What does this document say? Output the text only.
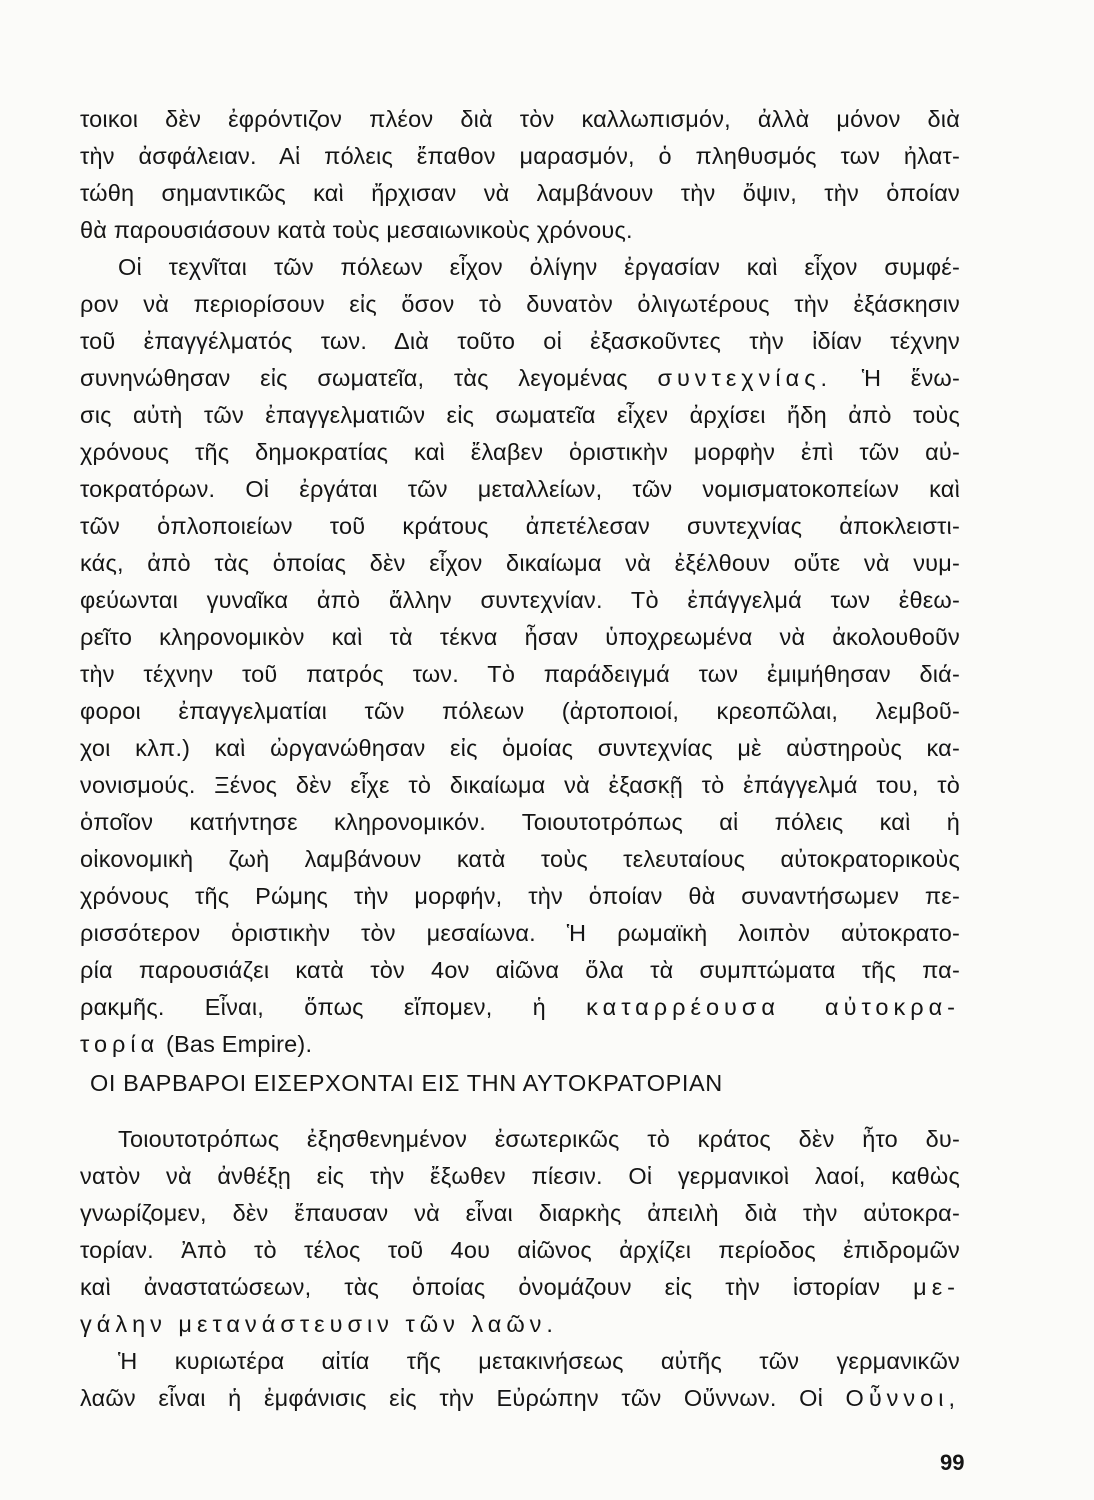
τοικοι δὲν ἐφρόντιζον πλέον διὰ τὸν καλλωπισμόν, ἀλλὰ μόνον διὰ
τὴν ἀσφάλειαν. Αἱ πόλεις ἔπαθον μαρασμόν, ὁ πληθυσμός των ἠλατ-
τώθη σημαντικῶς καὶ ἤρχισαν νὰ λαμβάνουν τὴν ὄψιν, τὴν ὁποίαν
θὰ παρουσιάσουν κατὰ τοὺς μεσαιωνικοὺς χρόνους.
Οἱ τεχνῖται τῶν πόλεων εἶχον ὀλίγην ἐργασίαν καὶ εἶχον συμφέ-
ρον νὰ περιορίσουν εἰς ὅσον τὸ δυνατὸν ὀλιγωτέρους τὴν ἐξάσκησιν
τοῦ ἐπαγγέλματός των. Διὰ τοῦτο οἱ ἐξασκοῦντες τὴν ἰδίαν τέχνην
συνηνώθησαν εἰς σωματεῖα, τὰς λεγομένας συντεχνίας. Ἡ ἕνω-
σις αὐτὴ τῶν ἐπαγγελματιῶν εἰς σωματεῖα εἶχεν ἀρχίσει ἤδη ἀπὸ τοὺς
χρόνους τῆς δημοκρατίας καὶ ἔλαβεν ὁριστικὴν μορφὴν ἐπὶ τῶν αὐ-
τοκρατόρων. Οἱ ἐργάται τῶν μεταλλείων, τῶν νομισματοκοπείων καὶ
τῶν ὁπλοποιείων τοῦ κράτους ἀπετέλεσαν συντεχνίας ἀποκλειστι-
κάς, ἀπὸ τὰς ὁποίας δὲν εἶχον δικαίωμα νὰ ἐξέλθουν οὔτε νὰ νυμ-
φεύωνται γυναῖκα ἀπὸ ἄλλην συντεχνίαν. Τὸ ἐπάγγελμά των ἐθεω-
ρεῖτο κληρονομικὸν καὶ τὰ τέκνα ἦσαν ὑποχρεωμένα νὰ ἀκολουθοῦν
τὴν τέχνην τοῦ πατρός των. Τὸ παράδειγμά των ἐμιμήθησαν διά-
φοροι ἐπαγγελματίαι τῶν πόλεων (ἀρτοποιοί, κρεοπῶλαι, λεμβοῦ-
χοι κλπ.) καὶ ὠργανώθησαν εἰς ὁμοίας συντεχνίας μὲ αὐστηροὺς κα-
νονισμούς. Ξένος δὲν εἶχε τὸ δικαίωμα νὰ ἐξασκῇ τὸ ἐπάγγελμά του, τὸ
ὁποῖον κατήντησε κληρονομικόν. Τοιουτοτρόπως αἱ πόλεις καὶ ἡ
οἰκονομικὴ ζωὴ λαμβάνουν κατὰ τοὺς τελευταίους αὐτοκρατορικοὺς
χρόνους τῆς Ρώμης τὴν μορφήν, τὴν ὁποίαν θὰ συναντήσωμεν πε-
ρισσότερον ὁριστικὴν τὸν μεσαίωνα. Ἡ ρωμαϊκὴ λοιπὸν αὐτοκρατο-
ρία παρουσιάζει κατὰ τὸν 4ον αἰῶνα ὅλα τὰ συμπτώματα τῆς πα-
ρακμῆς. Εἶναι, ὅπως εἴπομεν, ἡ καταρρέουσα αὐτοκρα-
τορία (Bas Empire).
ΟΙ ΒΑΡΒΑΡΟΙ ΕΙΣΕΡΧΟΝΤΑΙ ΕΙΣ ΤΗΝ ΑΥΤΟΚΡΑΤΟΡΙΑΝ
Τοιουτοτρόπως ἐξησθενημένον ἐσωτερικῶς τὸ κράτος δὲν ἦτο δυ-
νατὸν νὰ ἀνθέξῃ εἰς τὴν ἔξωθεν πίεσιν. Οἱ γερμανικοὶ λαοί, καθὼς
γνωρίζομεν, δὲν ἔπαυσαν νὰ εἶναι διαρκὴς ἀπειλὴ διὰ τὴν αὐτοκρα-
τορίαν. Ἀπὸ τὸ τέλος τοῦ 4ου αἰῶνος ἀρχίζει περίοδος ἐπιδρομῶν
καὶ ἀναστατώσεων, τὰς ὁποίας ὀνομάζουν εἰς τὴν ἱστορίαν με-
γάλην μετανάστευσιν τῶν λαῶν.
Ἡ κυριωτέρα αἰτία τῆς μετακινήσεως αὐτῆς τῶν γερμανικῶν
λαῶν εἶναι ἡ ἐμφάνισις εἰς τὴν Εὐρώπην τῶν Οὔννων. Οἱ Οὖννοι,
99
